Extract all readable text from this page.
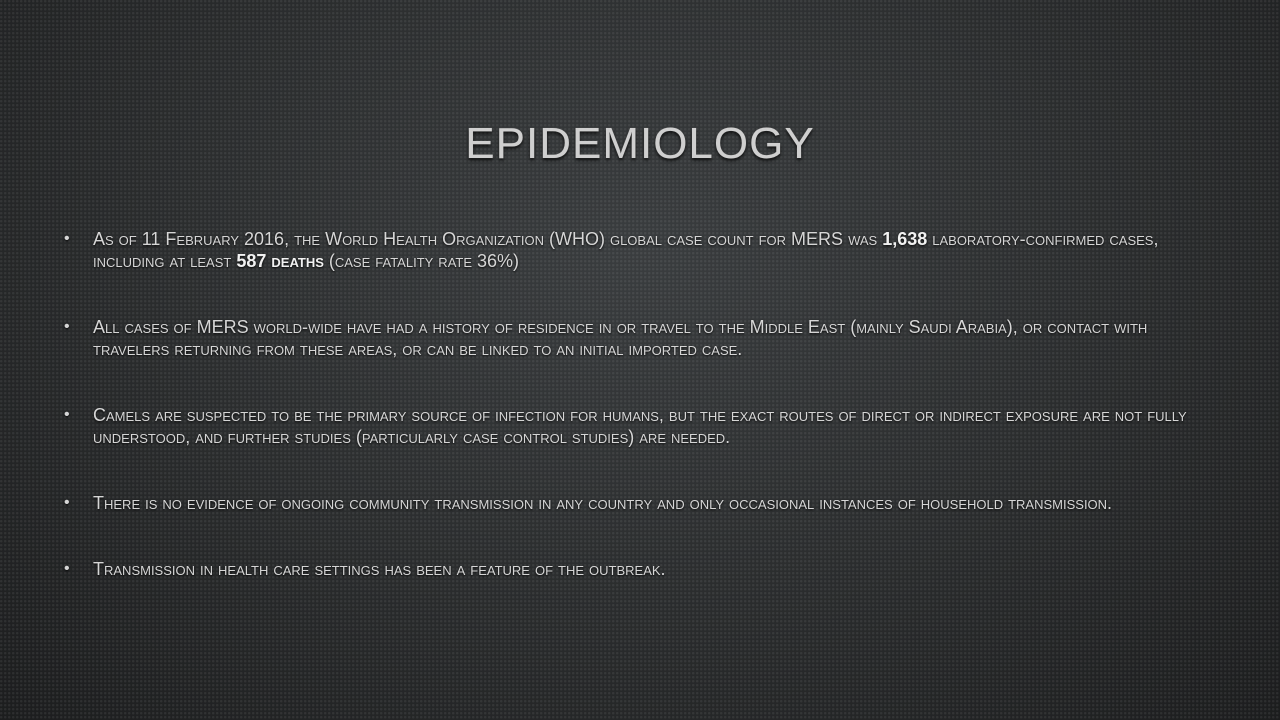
EPIDEMIOLOGY
• As of 11 February 2016, the World Health Organization (WHO) global case count for MERS was 1,638 laboratory-confirmed cases, including at least 587 deaths (case fatality rate 36%)
• All cases of MERS world-wide have had a history of residence in or travel to the Middle East (mainly Saudi Arabia), or contact with travelers returning from these areas, or can be linked to an initial imported case.
• Camels are suspected to be the primary source of infection for humans, but the exact routes of direct or indirect exposure are not fully understood, and further studies (particularly case control studies) are needed.
• There is no evidence of ongoing community transmission in any country and only occasional instances of household transmission.
• Transmission in health care settings has been a feature of the outbreak.
